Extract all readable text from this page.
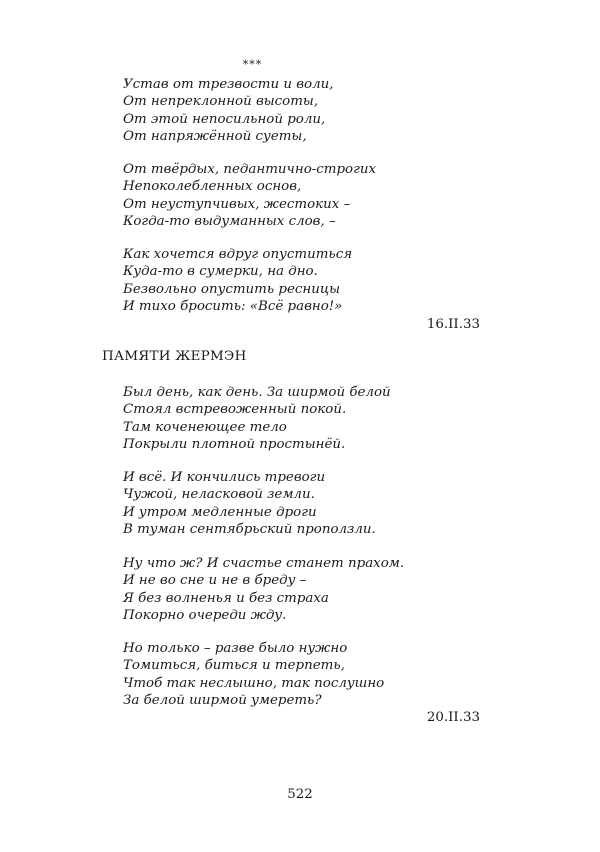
***
Устав от трезвости и воли,
От непреклонной высоты,
От этой непосильной роли,
От напряжённой суеты,
От твёрдых, педантично-строгих
Непоколебленных основ,
От неуступчивых, жестоких –
Когда-то выдуманных слов, –
Как хочется вдруг опуститься
Куда-то в сумерки, на дно.
Безвольно опустить ресницы
И тихо бросить: «Всё равно!»
16.II.33
ПАМЯТИ ЖЕРМЭН
Был день, как день. За ширмой белой
Стоял встревоженный покой.
Там коченеющее тело
Покрыли плотной простынёй.
И всё. И кончились тревоги
Чужой, неласковой земли.
И утром медленные дроги
В туман сентябрьский проползли.
Ну что ж? И счастье станет прахом.
И не во сне и не в бреду –
Я без волненья и без страха
Покорно очереди жду.
Но только – разве было нужно
Томиться, биться и терпеть,
Чтоб так неслышно, так послушно
За белой ширмой умереть?
20.II.33
522
